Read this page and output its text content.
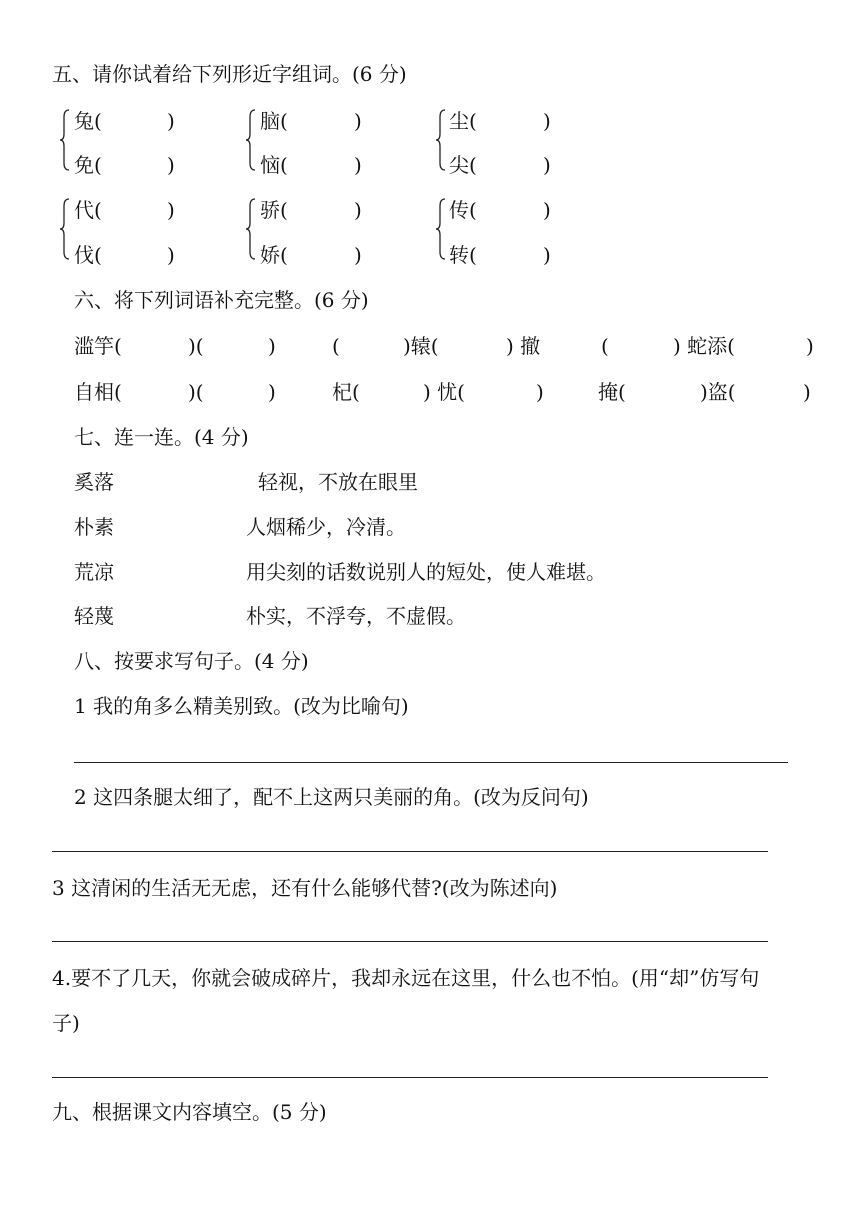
五、请你试着给下列形近字组词。(6 分)
兔(	)
免(	)
脑(	)
恼(	)
尘(	)
尖(	)
代(	)
伐(	)
骄(	)
娇(	)
传(	)
转(	)
六、将下列词语补充完整。(6 分)
滥竽(	)(	)	(	)辕(	) 撤	(	) 蛇添(	)
自相(	)(	)	杞(	) 忧(	)	掩(	)盗(	)
七、连一连。(4 分)
奚落	轻视，不放在眼里
朴素	人烟稀少，冷清。
荒凉	用尖刻的话数说别人的短处，使人难堪。
轻蔑	朴实，不浮夸，不虚假。
八、按要求写句子。(4 分)
1 我的角多么精美别致。(改为比喻句)
2 这四条腿太细了，配不上这两只美丽的角。(改为反问句)
3 这清闲的生活无无虑，还有什么能够代替?(改为陈述向)
4.要不了几天，你就会破成碎片，我却永远在这里，什么也不怕。(用“却”仿写句
子)
九、根据课文内容填空。(5 分)
